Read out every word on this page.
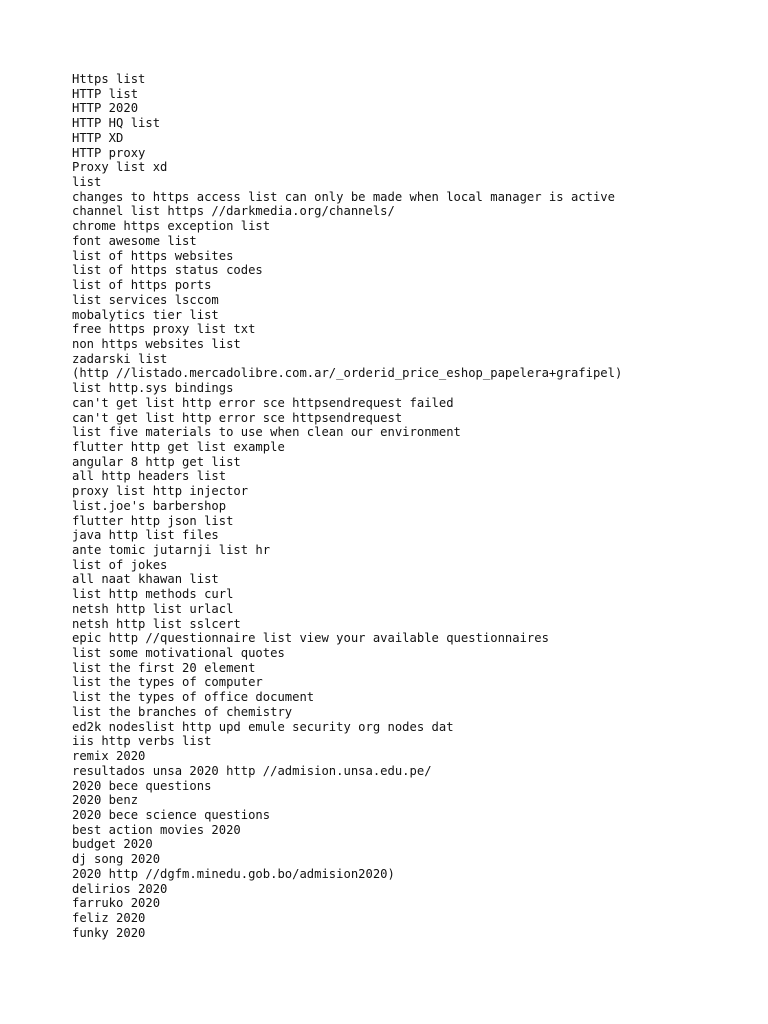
Https list
HTTP list
HTTP 2020
HTTP HQ list
HTTP XD
HTTP proxy
Proxy list xd
list
changes to https access list can only be made when local manager is active
channel list https //darkmedia.org/channels/
chrome https exception list
font awesome list
list of https websites
list of https status codes
list of https ports
list services lsccom
mobalytics tier list
free https proxy list txt
non https websites list
zadarski list
(http //listado.mercadolibre.com.ar/_orderid_price_eshop_papelera+grafipel)
list http.sys bindings
can't get list http error sce httpsendrequest failed
can't get list http error sce httpsendrequest
list five materials to use when clean our environment
flutter http get list example
angular 8 http get list
all http headers list
proxy list http injector
list.joe's barbershop
flutter http json list
java http list files
ante tomic jutarnji list hr
list of jokes
all naat khawan list
list http methods curl
netsh http list urlacl
netsh http list sslcert
epic http //questionnaire list view your available questionnaires
list some motivational quotes
list the first 20 element
list the types of computer
list the types of office document
list the branches of chemistry
ed2k nodeslist http upd emule security org nodes dat
iis http verbs list
remix 2020
resultados unsa 2020 http //admision.unsa.edu.pe/
2020 bece questions
2020 benz
2020 bece science questions
best action movies 2020
budget 2020
dj song 2020
2020 http //dgfm.minedu.gob.bo/admision2020)
delirios 2020
farruko 2020
feliz 2020
funky 2020
